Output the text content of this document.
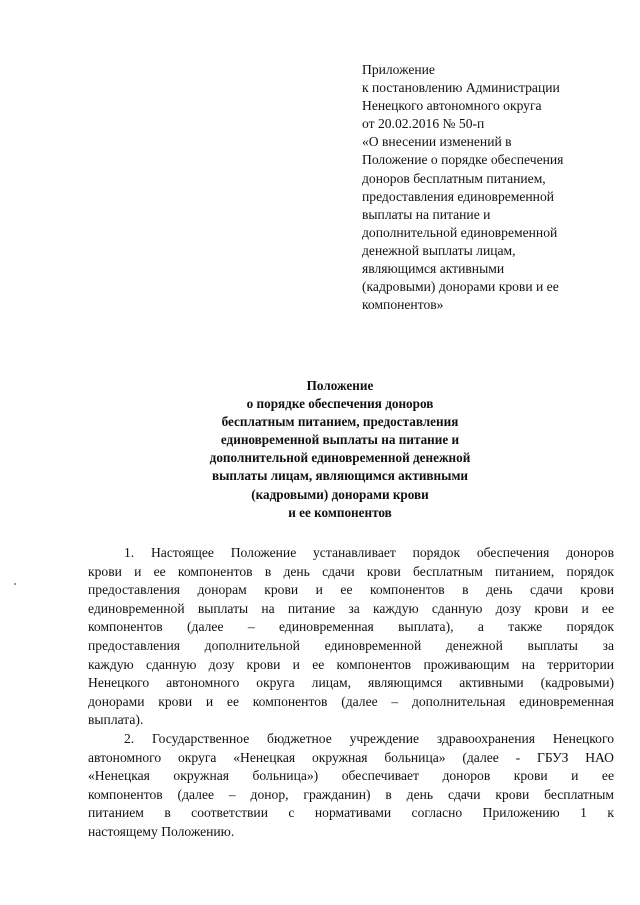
Приложение
к постановлению Администрации
Ненецкого автономного округа
от 20.02.2016 № 50-п
«О внесении изменений в
Положение о порядке обеспечения
доноров бесплатным питанием,
предоставления единовременной
выплаты на питание и
дополнительной единовременной
денежной выплаты лицам,
являющимся активными
(кадровыми) донорами крови и ее
компонентов»
Положение
о порядке обеспечения доноров
бесплатным питанием, предоставления
единовременной выплаты на питание и
дополнительной единовременной денежной
выплаты лицам, являющимся активными
(кадровыми) донорами крови
и ее компонентов
1. Настоящее Положение устанавливает порядок обеспечения доноров
крови и ее компонентов в день сдачи крови бесплатным питанием, порядок
предоставления донорам крови и ее компонентов в день сдачи крови
единовременной выплаты на питание за каждую сданную дозу крови и ее
компонентов (далее – единовременная выплата), а также порядок
предоставления дополнительной единовременной денежной выплаты за
каждую сданную дозу крови и ее компонентов проживающим на территории
Ненецкого автономного округа лицам, являющимся активными (кадровыми)
донорами крови и ее компонентов (далее – дополнительная единовременная
выплата).
2. Государственное бюджетное учреждение здравоохранения Ненецкого
автономного округа «Ненецкая окружная больница» (далее - ГБУЗ НАО
«Ненецкая окружная больница») обеспечивает доноров крови и ее
компонентов (далее – донор, гражданин) в день сдачи крови бесплатным
питанием в соответствии с нормативами согласно Приложению 1 к
настоящему Положению.
